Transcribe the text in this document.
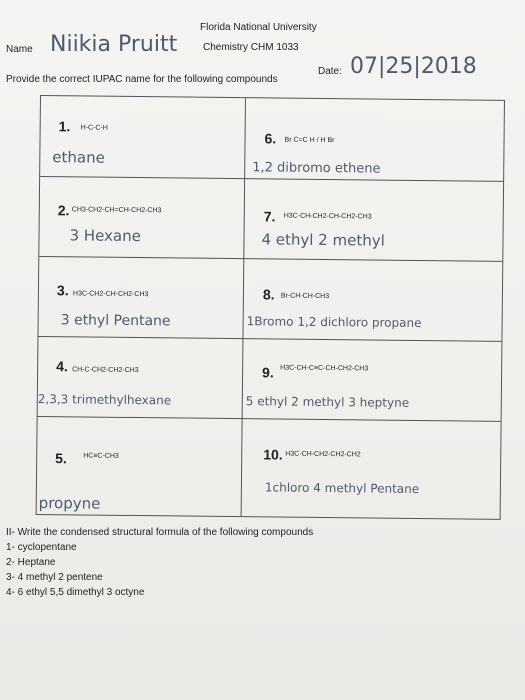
Florida National University
Name Niikia Pruitt	Chemistry CHM 1033
Date: 07|25|2018
Provide the correct IUPAC name for the following compounds
1. H-C-C-H
ethane
6. Br C=C H / H Br
1,2 dibromo ethene
2. CH3-CH2-CH=CH-CH2-CH3
3 Hexane
7. H3C-CH-CH2-CH-CH2-CH3
4 ethyl 2 methyl
3. H3C-CH2-CH-CH2-CH3
3 ethyl Pentane
8. Br-CH-CH-CH3
1Bromo 1,2 dichloro propane
4. CH-C-CH2-CH2-CH3
2,3,3 trimethylhexane
9. H3C-CH-C≡C-CH-CH2-CH3
5 ethyl 2 methyl 3 heptyne
5. HC≡C-CH3
propyne
10. H3C-CH-CH2-CH2-CH2
1chloro 4 methyl Pentane
II- Write the condensed structural formula of the following compounds
1- cyclopentane
2- Heptane
3- 4 methyl 2 pentene
4- 6 ethyl 5,5 dimethyl 3 octyne
